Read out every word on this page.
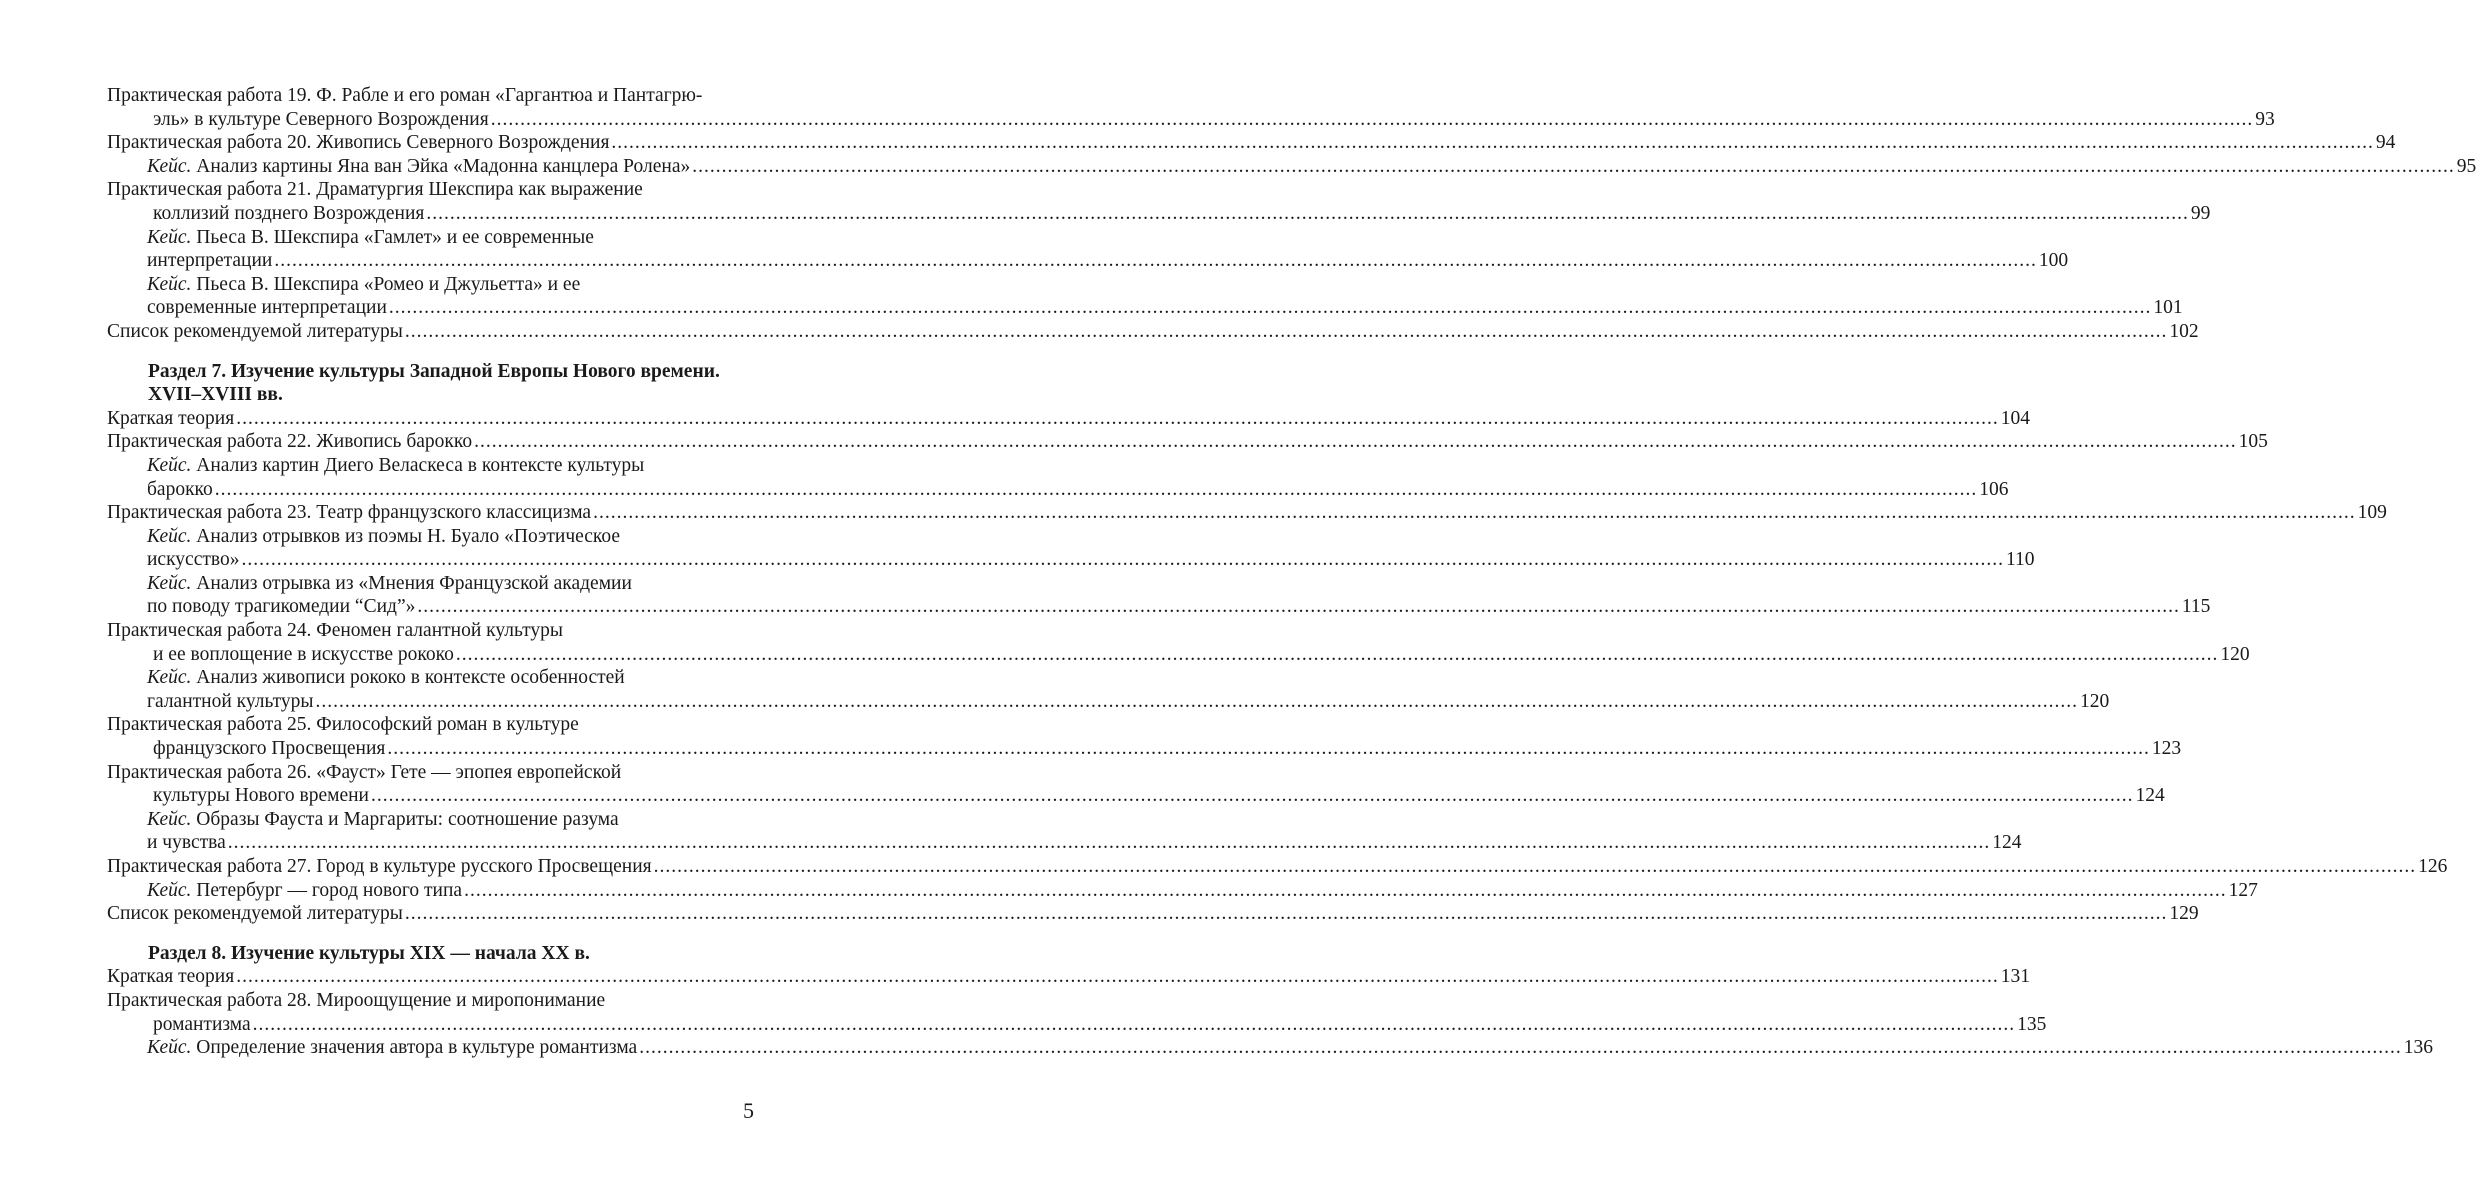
Практическая работа 19. Ф. Рабле и его роман «Гаргантюа и Пантагрю-
эль» в культуре Северного Возрождения ............................................................................................................................................................................................................................................................................................................ 93
Практическая работа 20. Живопись Северного Возрождения ............................................................................................................................................................................................................................................................................................................ 94
Кейс. Анализ картины Яна ван Эйка «Мадонна канцлера Ролена» ............................................................................................................................................................................................................................................................................................................ 95
Практическая работа 21. Драматургия Шекспира как выражение
коллизий позднего Возрождения ............................................................................................................................................................................................................................................................................................................ 99
Кейс. Пьеса В. Шекспира «Гамлет» и ее современные
интерпретации ............................................................................................................................................................................................................................................................................................................ 100
Кейс. Пьеса В. Шекспира «Ромео и Джульетта» и ее
современные интерпретации ............................................................................................................................................................................................................................................................................................................ 101
Список рекомендуемой литературы ............................................................................................................................................................................................................................................................................................................ 102
Раздел 7. Изучение культуры Западной Европы Нового времени.
XVII–XVIII вв.
Краткая теория ............................................................................................................................................................................................................................................................................................................ 104
Практическая работа 22. Живопись барокко ............................................................................................................................................................................................................................................................................................................ 105
Кейс. Анализ картин Диего Веласкеса в контексте культуры
барокко ............................................................................................................................................................................................................................................................................................................ 106
Практическая работа 23. Театр французского классицизма ............................................................................................................................................................................................................................................................................................................ 109
Кейс. Анализ отрывков из поэмы Н. Буало «Поэтическое
искусство» ............................................................................................................................................................................................................................................................................................................ 110
Кейс. Анализ отрывка из «Мнения Французской академии
по поводу трагикомедии “Сид”» ............................................................................................................................................................................................................................................................................................................ 115
Практическая работа 24. Феномен галантной культуры
и ее воплощение в искусстве рококо ............................................................................................................................................................................................................................................................................................................ 120
Кейс. Анализ живописи рококо в контексте особенностей
галантной культуры ............................................................................................................................................................................................................................................................................................................ 120
Практическая работа 25. Философский роман в культуре
французского Просвещения ............................................................................................................................................................................................................................................................................................................ 123
Практическая работа 26. «Фауст» Гете — эпопея европейской
культуры Нового времени ............................................................................................................................................................................................................................................................................................................ 124
Кейс. Образы Фауста и Маргариты: соотношение разума
и чувства ............................................................................................................................................................................................................................................................................................................ 124
Практическая работа 27. Город в культуре русского Просвещения ............................................................................................................................................................................................................................................................................................................ 126
Кейс. Петербург — город нового типа ............................................................................................................................................................................................................................................................................................................ 127
Список рекомендуемой литературы ............................................................................................................................................................................................................................................................................................................ 129
Раздел 8. Изучение культуры XIX — начала XX в.
Краткая теория ............................................................................................................................................................................................................................................................................................................ 131
Практическая работа 28. Мироощущение и миропонимание
романтизма ............................................................................................................................................................................................................................................................................................................ 135
Кейс. Определение значения автора в культуре романтизма ............................................................................................................................................................................................................................................................................................................ 136
5
